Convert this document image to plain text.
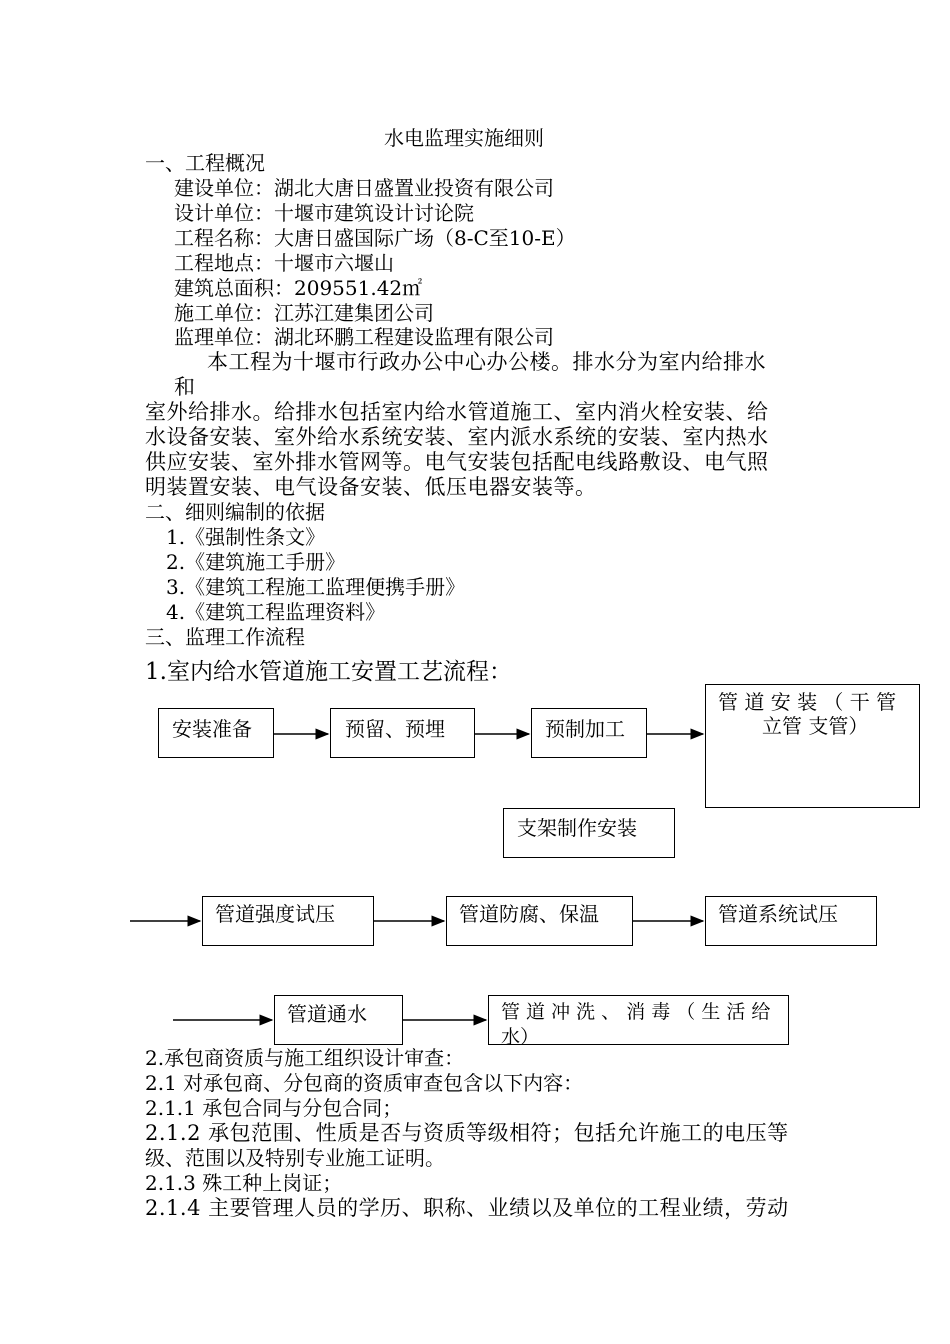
水电监理实施细则
一、工程概况
建设单位：湖北大唐日盛置业投资有限公司
设计单位：十堰市建筑设计讨论院
工程名称：大唐日盛国际广场（8-C至10-E）
工程地点：十堰市六堰山
建筑总面积：209551.42㎡
施工单位：江苏江建集团公司
监理单位：湖北环鹏工程建设监理有限公司
本工程为十堰市行政办公中心办公楼。排水分为室内给排水
和
室外给排水。给排水包括室内给水管道施工、室内消火栓安装、给
水设备安装、室外给水系统安装、室内派水系统的安装、室内热水
供应安装、室外排水管网等。电气安装包括配电线路敷设、电气照
明装置安装、电气设备安装、低压电器安装等。
二、细则编制的依据
1.《强制性条文》
2.《建筑施工手册》
3.《建筑工程施工监理便携手册》
4.《建筑工程监理资料》
三、监理工作流程
1.室内给水管道施工安置工艺流程：
安装准备	预留、预埋	预制加工
管 道 安 装 （ 干 管
立管 支管）
支架制作安装
管道强度试压	管道防腐、保温	管道系统试压
管道通水	管 道 冲 洗 、 消 毒 （ 生 活 给
水）
2.承包商资质与施工组织设计审查：
2.1 对承包商、分包商的资质审查包含以下内容：
2.1.1 承包合同与分包合同；
2.1.2 承包范围、性质是否与资质等级相符；包括允许施工的电压等
级、范围以及特别专业施工证明。
2.1.3 殊工种上岗证；
2.1.4 主要管理人员的学历、职称、业绩以及单位的工程业绩，劳动
